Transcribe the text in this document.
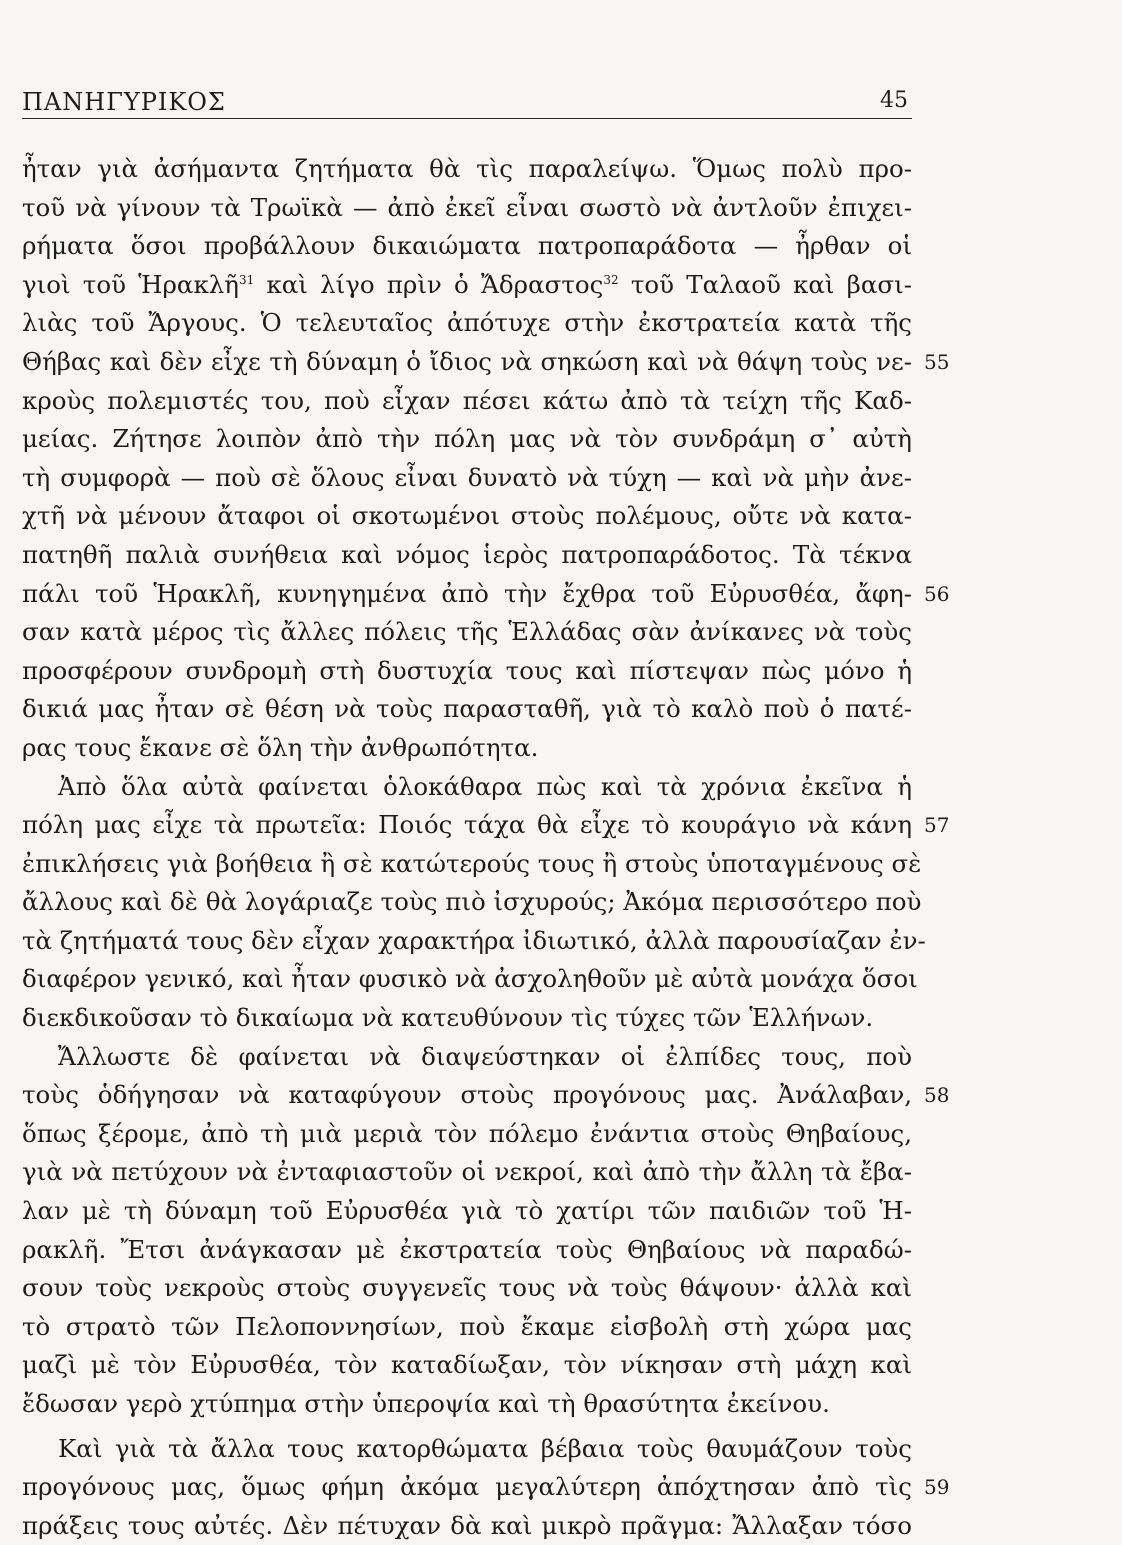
ΠΑΝΗΓΥΡΙΚΟΣ	45
ἦταν γιὰ ἀσήμαντα ζητήματα θὰ τὶς παραλείψω. Ὅμως πολὺ προ-
τοῦ νὰ γίνουν τὰ Τρωϊκὰ — ἀπὸ ἐκεῖ εἶναι σωστὸ νὰ ἀντλοῦν ἐπιχει-
ρήματα ὅσοι προβάλλουν δικαιώματα πατροπαράδοτα — ἦρθαν οἱ
γιοὶ τοῦ Ἡρακλῆ$^{31}$ καὶ λίγο πρὶν ὁ Ἄδραστος$^{32}$ τοῦ Ταλαοῦ καὶ βασι-
λιὰς τοῦ Ἄργους. Ὁ τελευταῖος ἀπότυχε στὴν ἐκστρατεία κατὰ τῆς
55
Θήβας καὶ δὲν εἶχε τὴ δύναμη ὁ ἴδιος νὰ σηκώση καὶ νὰ θάψη τοὺς νε-
κροὺς πολεμιστές του, ποὺ εἶχαν πέσει κάτω ἀπὸ τὰ τείχη τῆς Καδ-
μείας. Ζήτησε λοιπὸν ἀπὸ τὴν πόλη μας νὰ τὸν συνδράμη σ᾽ αὐτὴ
τὴ συμφορὰ — ποὺ σὲ ὅλους εἶναι δυνατὸ νὰ τύχη — καὶ νὰ μὴν ἀνε-
χτῆ νὰ μένουν ἄταφοι οἱ σκοτωμένοι στοὺς πολέμους, οὔτε νὰ κατα-
πατηθῆ παλιὰ συνήθεια καὶ νόμος ἱερὸς πατροπαράδοτος. Τὰ τέκνα
56
πάλι τοῦ Ἡρακλῆ, κυνηγημένα ἀπὸ τὴν ἔχθρα τοῦ Εὐρυσθέα, ἄφη-
σαν κατὰ μέρος τὶς ἄλλες πόλεις τῆς Ἑλλάδας σὰν ἀνίκανες νὰ τοὺς
προσφέρουν συνδρομὴ στὴ δυστυχία τους καὶ πίστεψαν πὼς μόνο ἡ
δικιά μας ἦταν σὲ θέση νὰ τοὺς παρασταθῆ, γιὰ τὸ καλὸ ποὺ ὁ πατέ-
ρας τους ἔκανε σὲ ὅλη τὴν ἀνθρωπότητα.
Ἀπὸ ὅλα αὐτὰ φαίνεται ὁλοκάθαρα πὼς καὶ τὰ χρόνια ἐκεῖνα ἡ
57
πόλη μας εἶχε τὰ πρωτεῖα: Ποιός τάχα θὰ εἶχε τὸ κουράγιο νὰ κάνη
ἐπικλήσεις γιὰ βοήθεια ἢ σὲ κατώτερούς τους ἢ στοὺς ὑποταγμένους σὲ
ἄλλους καὶ δὲ θὰ λογάριαζε τοὺς πιὸ ἰσχυρούς; Ἀκόμα περισσότερο ποὺ
τὰ ζητήματά τους δὲν εἶχαν χαρακτήρα ἰδιωτικό, ἀλλὰ παρουσίαζαν ἐν-
διαφέρον γενικό, καὶ ἦταν φυσικὸ νὰ ἀσχοληθοῦν μὲ αὐτὰ μονάχα ὅσοι
διεκδικοῦσαν τὸ δικαίωμα νὰ κατευθύνουν τὶς τύχες τῶν Ἑλλήνων.
Ἄλλωστε δὲ φαίνεται νὰ διαψεύστηκαν οἱ ἐλπίδες τους, ποὺ
58
τοὺς ὁδήγησαν νὰ καταφύγουν στοὺς προγόνους μας. Ἀνάλαβαν,
ὅπως ξέρομε, ἀπὸ τὴ μιὰ μεριὰ τὸν πόλεμο ἐνάντια στοὺς Θηβαίους,
γιὰ νὰ πετύχουν νὰ ἐνταφιαστοῦν οἱ νεκροί, καὶ ἀπὸ τὴν ἄλλη τὰ ἔβα-
λαν μὲ τὴ δύναμη τοῦ Εὐρυσθέα γιὰ τὸ χατίρι τῶν παιδιῶν τοῦ Ἡ-
ρακλῆ. Ἔτσι ἀνάγκασαν μὲ ἐκστρατεία τοὺς Θηβαίους νὰ παραδώ-
σουν τοὺς νεκροὺς στοὺς συγγενεῖς τους νὰ τοὺς θάψουν· ἀλλὰ καὶ
τὸ στρατὸ τῶν Πελοποννησίων, ποὺ ἔκαμε εἰσβολὴ στὴ χώρα μας
μαζὶ μὲ τὸν Εὐρυσθέα, τὸν καταδίωξαν, τὸν νίκησαν στὴ μάχη καὶ
ἔδωσαν γερὸ χτύπημα στὴν ὑπεροψία καὶ τὴ θρασύτητα ἐκείνου.
Καὶ γιὰ τὰ ἄλλα τους κατορθώματα βέβαια τοὺς θαυμάζουν τοὺς
59
προγόνους μας, ὅμως φήμη ἀκόμα μεγαλύτερη ἀπόχτησαν ἀπὸ τὶς
πράξεις τους αὐτές. Δὲν πέτυχαν δὰ καὶ μικρὸ πρᾶγμα: Ἄλλαξαν τόσο
